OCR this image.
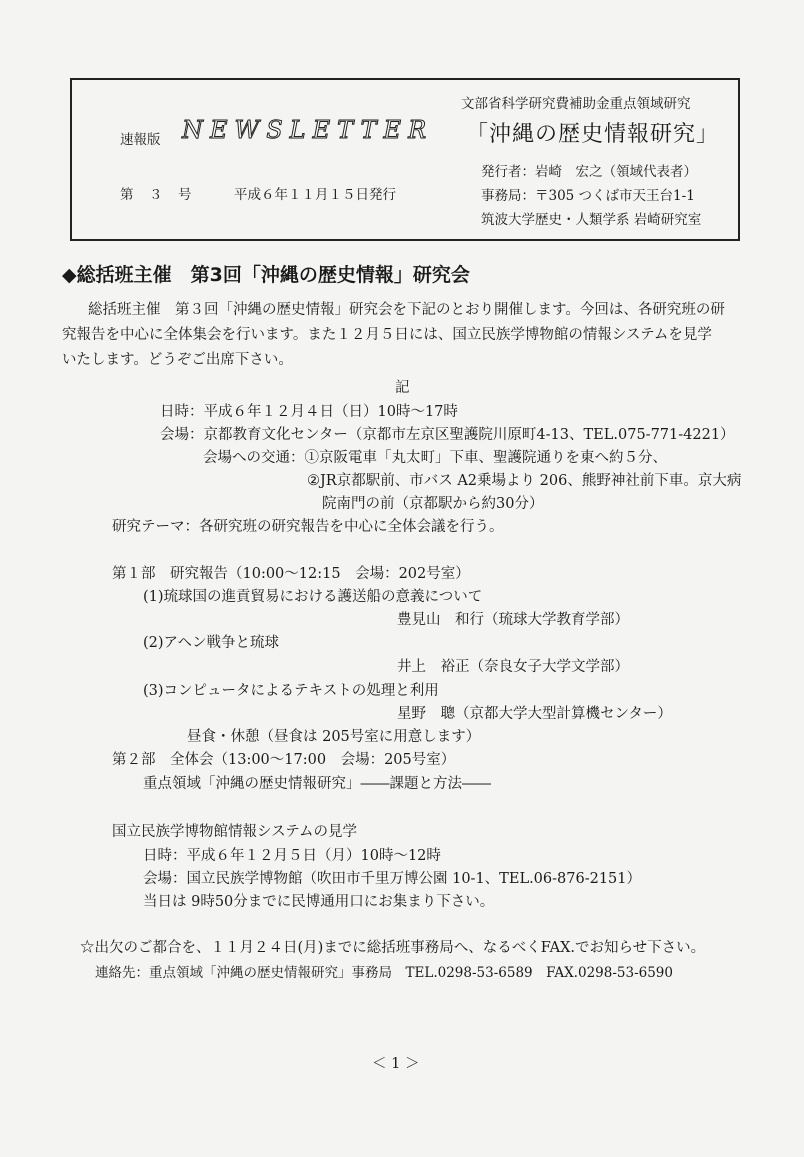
速報版 NEWSLETTER
第　３　号	平成６年１１月１５日発行
文部省科学研究費補助金重点領域研究
「沖縄の歴史情報研究」
発行者：岩崎　宏之（領域代表者）
事務局：〒305 つくば市天王台1-1
筑波大学歴史・人類学系 岩崎研究室
◆総括班主催　第3回「沖縄の歴史情報」研究会
総括班主催　第３回「沖縄の歴史情報」研究会を下記のとおり開催します。今回は、各研究班の研
究報告を中心に全体集会を行います。また１２月５日には、国立民族学博物館の情報システムを見学
いたします。どうぞご出席下さい。
記
日時：平成６年１２月４日（日）10時〜17時
会場：京都教育文化センター（京都市左京区聖護院川原町4-13、TEL.075-771-4221）
会場への交通：①京阪電車「丸太町」下車、聖護院通りを東へ約５分、
②JR京都駅前、市バス A2乗場より 206、熊野神社前下車。京大病
院南門の前（京都駅から約30分）
研究テーマ：各研究班の研究報告を中心に全体会議を行う。
第１部　研究報告（10:00〜12:15　会場：202号室）
(1)琉球国の進貢貿易における護送船の意義について
豊見山　和行（琉球大学教育学部）
(2)アヘン戦争と琉球
井上　裕正（奈良女子大学文学部）
(3)コンピュータによるテキストの処理と利用
星野　聰（京都大学大型計算機センター）
昼食・休憩（昼食は 205号室に用意します）
第２部　全体会（13:00〜17:00　会場：205号室）
重点領域「沖縄の歴史情報研究」――課題と方法――
国立民族学博物館情報システムの見学
日時：平成６年１２月５日（月）10時〜12時
会場：国立民族学博物館（吹田市千里万博公園 10-1、TEL.06-876-2151）
当日は 9時50分までに民博通用口にお集まり下さい。
☆出欠のご都合を、１１月２４日(月)までに総括班事務局へ、なるべくFAX.でお知らせ下さい。
連絡先：重点領域「沖縄の歴史情報研究」事務局　TEL.0298-53-6589　FAX.0298-53-6590
＜ 1 ＞
